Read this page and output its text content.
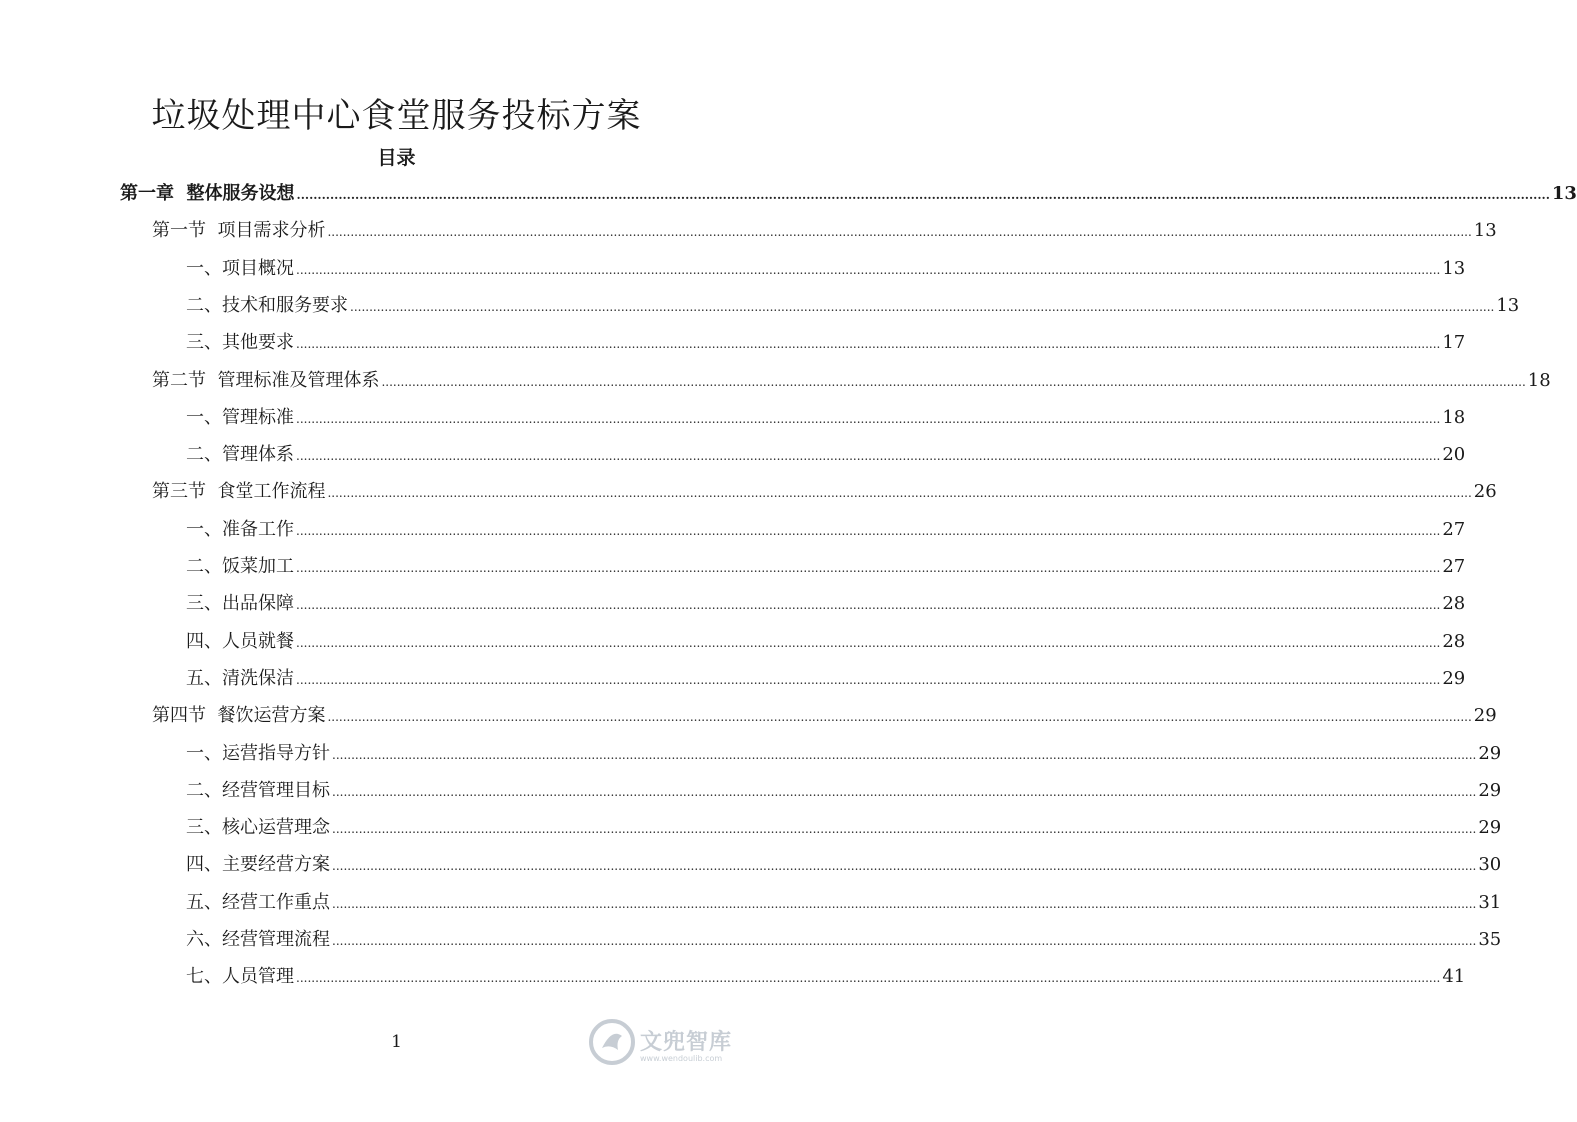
垃圾处理中心食堂服务投标方案
目录
第一章  整体服务设想 ............................................................................................................................................................................................................................................................................................................ 13
第一节  项目需求分析 ............................................................................................................................................................................................................................................................................................................ 13
一、项目概况 ............................................................................................................................................................................................................................................................................................................ 13
二、技术和服务要求 ............................................................................................................................................................................................................................................................................................................ 13
三、其他要求 ............................................................................................................................................................................................................................................................................................................ 17
第二节  管理标准及管理体系 ............................................................................................................................................................................................................................................................................................................ 18
一、管理标准 ............................................................................................................................................................................................................................................................................................................ 18
二、管理体系 ............................................................................................................................................................................................................................................................................................................ 20
第三节  食堂工作流程 ............................................................................................................................................................................................................................................................................................................ 26
一、准备工作 ............................................................................................................................................................................................................................................................................................................ 27
二、饭菜加工 ............................................................................................................................................................................................................................................................................................................ 27
三、出品保障 ............................................................................................................................................................................................................................................................................................................ 28
四、人员就餐 ............................................................................................................................................................................................................................................................................................................ 28
五、清洗保洁 ............................................................................................................................................................................................................................................................................................................ 29
第四节  餐饮运营方案 ............................................................................................................................................................................................................................................................................................................ 29
一、运营指导方针 ............................................................................................................................................................................................................................................................................................................ 29
二、经营管理目标 ............................................................................................................................................................................................................................................................................................................ 29
三、核心运营理念 ............................................................................................................................................................................................................................................................................................................ 29
四、主要经营方案 ............................................................................................................................................................................................................................................................................................................ 30
五、经营工作重点 ............................................................................................................................................................................................................................................................................................................ 31
六、经营管理流程 ............................................................................................................................................................................................................................................................................................................ 35
七、人员管理 ............................................................................................................................................................................................................................................................................................................ 41
1	文兜智库
www.wendoulib.com
